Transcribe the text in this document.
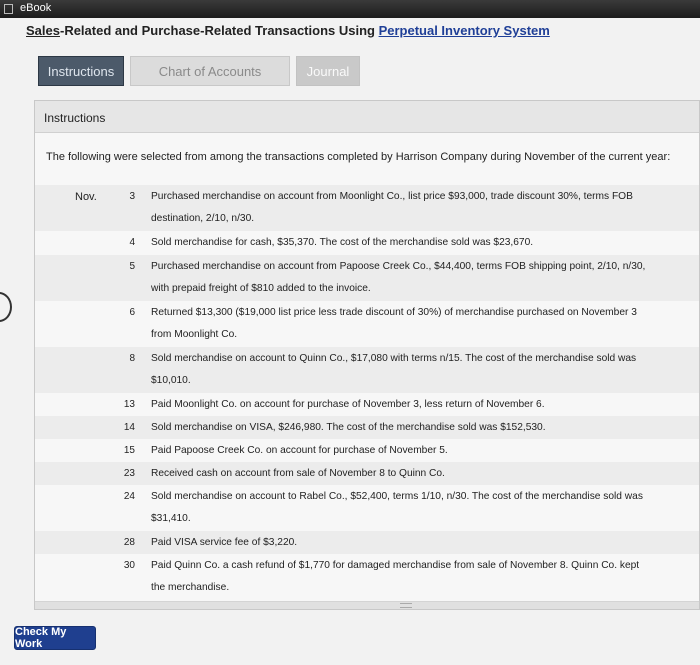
eBook
Sales-Related and Purchase-Related Transactions Using Perpetual Inventory System
Instructions	Chart of Accounts	Journal
Instructions
The following were selected from among the transactions completed by Harrison Company during November of the current year:
Nov.	3 Purchased merchandise on account from Moonlight Co., list price $93,000, trade discount 30%, terms FOB destination, 2/10, n/30.
4 Sold merchandise for cash, $35,370. The cost of the merchandise sold was $23,670.
5 Purchased merchandise on account from Papoose Creek Co., $44,400, terms FOB shipping point, 2/10, n/30, with prepaid freight of $810 added to the invoice.
6 Returned $13,300 ($19,000 list price less trade discount of 30%) of merchandise purchased on November 3 from Moonlight Co.
8 Sold merchandise on account to Quinn Co., $17,080 with terms n/15. The cost of the merchandise sold was $10,010.
13 Paid Moonlight Co. on account for purchase of November 3, less return of November 6.
14 Sold merchandise on VISA, $246,980. The cost of the merchandise sold was $152,530.
15 Paid Papoose Creek Co. on account for purchase of November 5.
23 Received cash on account from sale of November 8 to Quinn Co.
24 Sold merchandise on account to Rabel Co., $52,400, terms 1/10, n/30. The cost of the merchandise sold was $31,410.
28 Paid VISA service fee of $3,220.
30 Paid Quinn Co. a cash refund of $1,770 for damaged merchandise from sale of November 8. Quinn Co. kept the merchandise.
Check My Work
